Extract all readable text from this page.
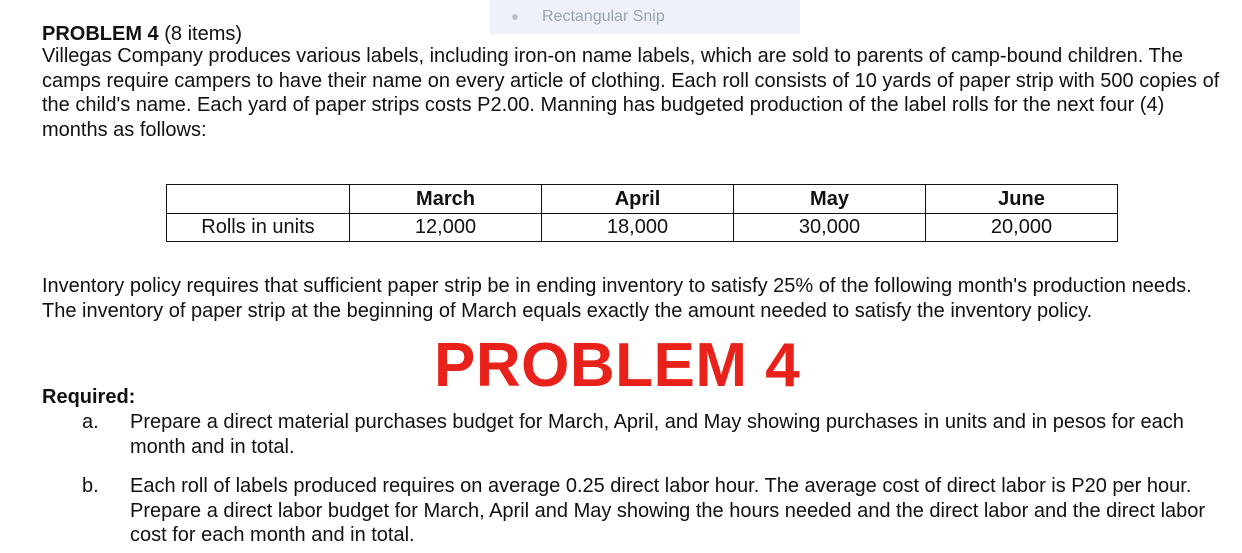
Rectangular Snip
PROBLEM 4 (8 items)
Villegas Company produces various labels, including iron-on name labels, which are sold to parents of camp-bound children. The camps require campers to have their name on every article of clothing. Each roll consists of 10 yards of paper strip with 500 copies of the child's name. Each yard of paper strips costs P2.00. Manning has budgeted production of the label rolls for the next four (4) months as follows:
	March	April	May	June
Rolls in units	12,000	18,000	30,000	20,000
Inventory policy requires that sufficient paper strip be in ending inventory to satisfy 25% of the following month's production needs. The inventory of paper strip at the beginning of March equals exactly the amount needed to satisfy the inventory policy.
PROBLEM 4
Required:
a. Prepare a direct material purchases budget for March, April, and May showing purchases in units and in pesos for each month and in total.
b. Each roll of labels produced requires on average 0.25 direct labor hour. The average cost of direct labor is P20 per hour. Prepare a direct labor budget for March, April and May showing the hours needed and the direct labor and the direct labor cost for each month and in total.
